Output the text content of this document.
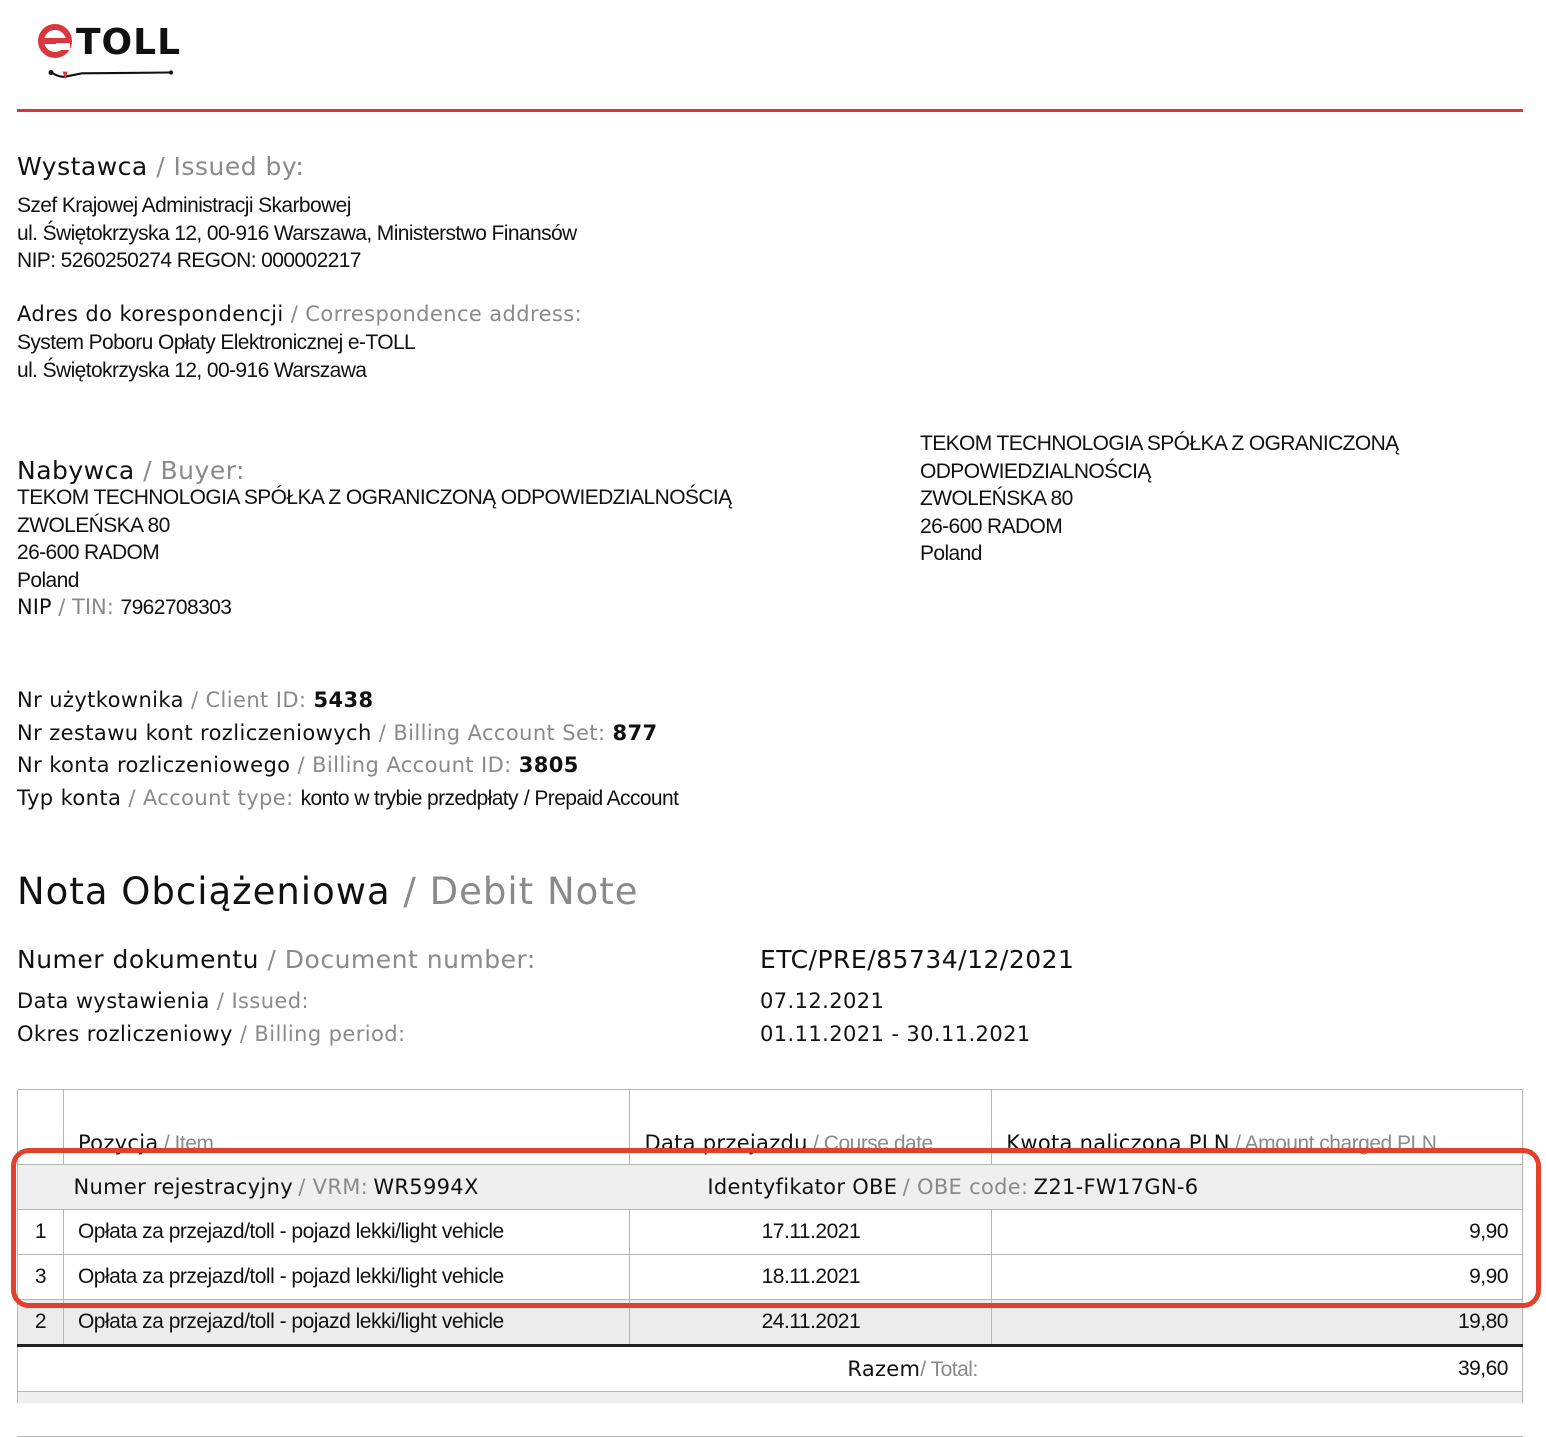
TOLL
Wystawca / Issued by:
Szef Krajowej Administracji Skarbowej
ul. Świętokrzyska 12, 00-916 Warszawa, Ministerstwo Finansów
NIP: 5260250274 REGON: 000002217
Adres do korespondencji / Correspondence address:
System Poboru Opłaty Elektronicznej e-TOLL
ul. Świętokrzyska 12, 00-916 Warszawa
Nabywca / Buyer:
TEKOM TECHNOLOGIA SPÓŁKA Z OGRANICZONĄ ODPOWIEDZIALNOŚCIĄ
ZWOLEŃSKA 80
26-600 RADOM
Poland
NIP / TIN: 7962708303
TEKOM TECHNOLOGIA SPÓŁKA Z OGRANICZONĄ
ODPOWIEDZIALNOŚCIĄ
ZWOLEŃSKA 80
26-600 RADOM
Poland
Nr użytkownika / Client ID: 5438
Nr zestawu kont rozliczeniowych / Billing Account Set: 877
Nr konta rozliczeniowego / Billing Account ID: 3805
Typ konta / Account type: konto w trybie przedpłaty / Prepaid Account
Nota Obciążeniowa / Debit Note
Numer dokumentu / Document number:	ETC/PRE/85734/12/2021
Data wystawienia / Issued:	07.12.2021
Okres rozliczeniowy / Billing period:	01.11.2021 - 30.11.2021
	Pozycja / Item	Data przejazdu / Course date	Kwota naliczona PLN / Amount charged PLN
	Numer rejestracyjny / VRM: WR5994X Identyfikator OBE / OBE code: Z21-FW17GN-6		
1	Opłata za przejazd/toll - pojazd lekki/light vehicle	17.11.2021	9,90
3	Opłata za przejazd/toll - pojazd lekki/light vehicle	18.11.2021	9,90
2	Opłata za przejazd/toll - pojazd lekki/light vehicle	24.11.2021	19,80
Razem/ Total:			39,60
